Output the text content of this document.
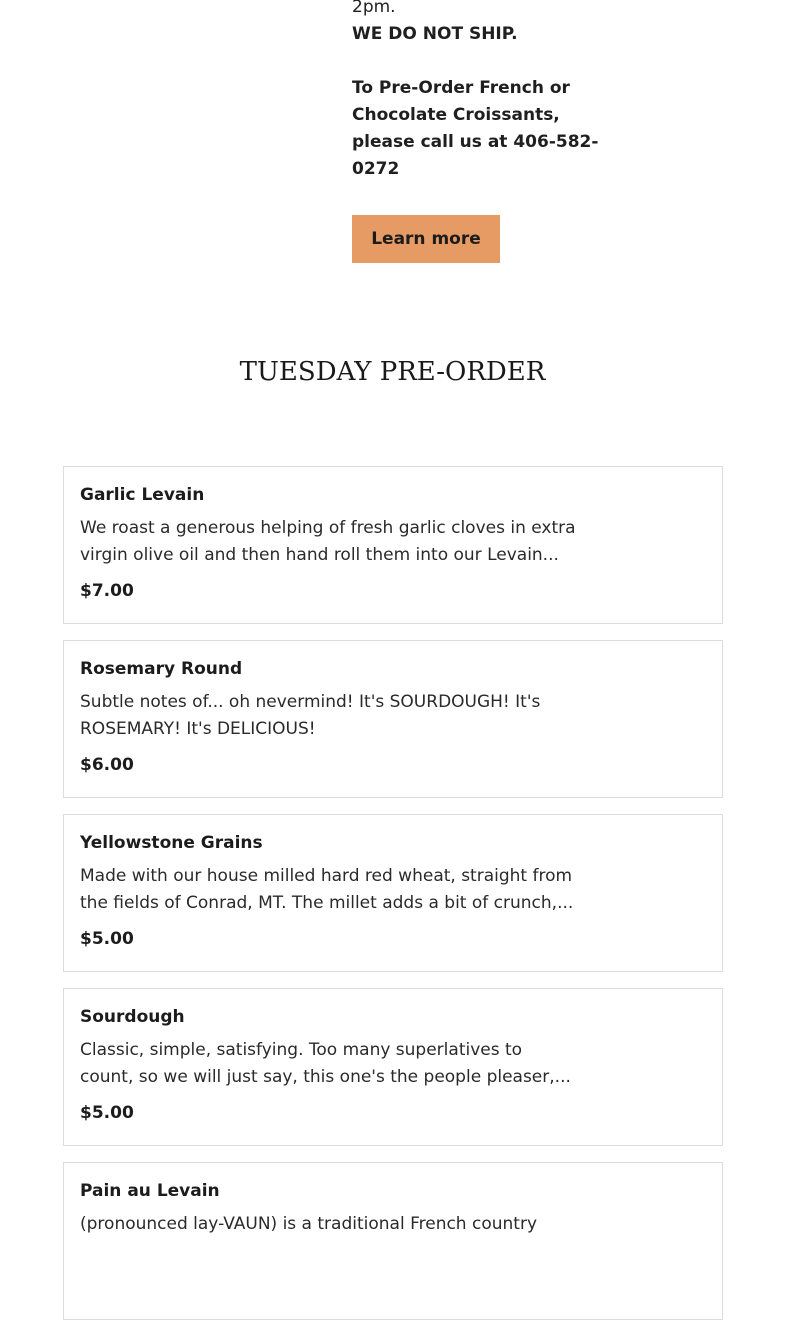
2pm.

WE DO NOT SHIP.

To Pre-Order French or Chocolate Croissants, please call us at 406-582-0272

Learn more
TUESDAY PRE-ORDER
Garlic Levain

We roast a generous helping of fresh garlic cloves in extra virgin olive oil and then hand roll them into our Levain...

$7.00
Rosemary Round

Subtle notes of... oh nevermind! It's SOURDOUGH! It's ROSEMARY! It's DELICIOUS!

$6.00
Yellowstone Grains

Made with our house milled hard red wheat, straight from the fields of Conrad, MT. The millet adds a bit of crunch,...

$5.00
Sourdough

Classic, simple, satisfying. Too many superlatives to count, so we will just say, this one's the people pleaser,...

$5.00
Pain au Levain

(pronounced lay-VAUN) is a traditional French country
